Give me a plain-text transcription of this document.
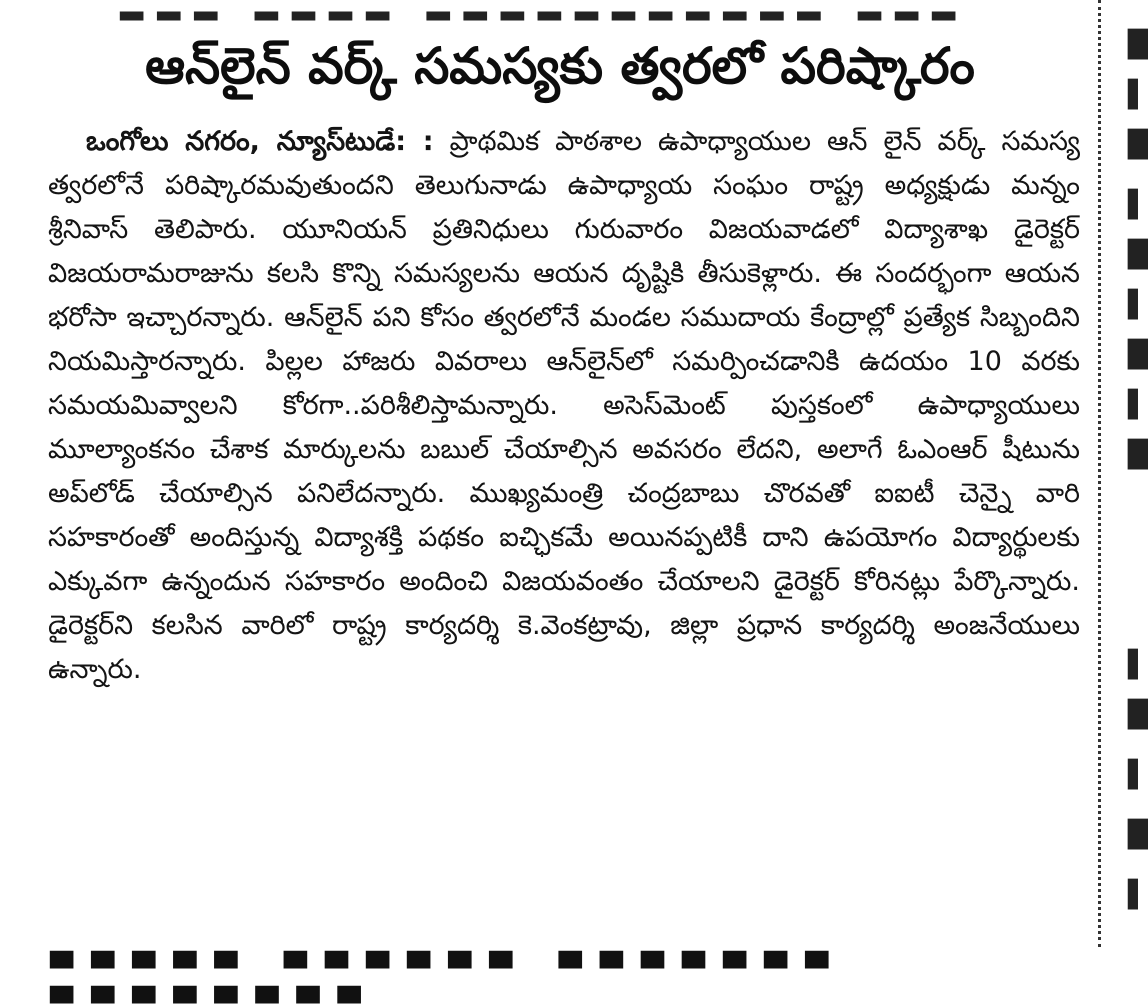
▂▂▂ ▂▂▂▂ ▂▂▂▂▂▂▂▂▂▂▂ ▂▂▂
ఆన్‌లైన్ వర్క్ సమస్యకు త్వరలో పరిష్కారం

ఒంగోలు నగరం, న్యూస్‌టుడే: : ప్రాథమిక పాఠశాల ఉపాధ్యాయుల ఆన్ లైన్ వర్క్ సమస్య త్వరలోనే పరిష్కారమవుతుందని తెలుగునాడు ఉపాధ్యాయ సంఘం రాష్ట్ర అధ్యక్షుడు మన్నం శ్రీనివాస్ తెలిపారు. యూనియన్ ప్రతినిధులు గురువారం విజయవాడలో విద్యాశాఖ డైరెక్టర్ విజయరామరాజును కలసి కొన్ని సమస్యలను ఆయన దృష్టికి తీసుకెళ్లారు. ఈ సందర్భంగా ఆయన భరోసా ఇచ్చారన్నారు. ఆన్‌లైన్ పని కోసం త్వరలోనే మండల సముదాయ కేంద్రాల్లో ప్రత్యేక సిబ్బందిని నియమిస్తారన్నారు. పిల్లల హాజరు వివరాలు ఆన్‌లైన్‌లో సమర్పించడానికి ఉదయం 10 వరకు సమయమివ్వాలని కోరగా..పరిశీలిస్తామన్నారు. అసెస్‌మెంట్ పుస్తకంలో ఉపాధ్యాయులు మూల్యాంకనం చేశాక మార్కులను బబుల్ చేయాల్సిన అవసరం లేదని, అలాగే ఓఎంఆర్ షీటును అప్‌లోడ్ చేయాల్సిన పనిలేదన్నారు. ముఖ్యమంత్రి చంద్రబాబు చొరవతో ఐఐటీ చెన్నై వారి సహకారంతో అందిస్తున్న విద్యాశక్తి పథకం ఐచ్ఛికమే అయినప్పటికీ దాని ఉపయోగం విద్యార్థులకు ఎక్కువగా ఉన్నందున సహకారం అందించి విజయవంతం చేయాలని డైరెక్టర్ కోరినట్లు పేర్కొన్నారు. డైరెక్టర్‌ని కలసిన వారిలో రాష్ట్ర కార్యదర్శి కె.వెంకట్రావు, జిల్లా ప్రధాన కార్యదర్శి అంజనేయులు ఉన్నారు.

▄▄▄▄▄ ▄▄▄▄▄▄ ▄▄▄▄▄▄▄ ▄▄▄▄▄▄▄▄
█
▌
█
▌
█
▌
█
▌
█
▌
█
▌
█
▌
